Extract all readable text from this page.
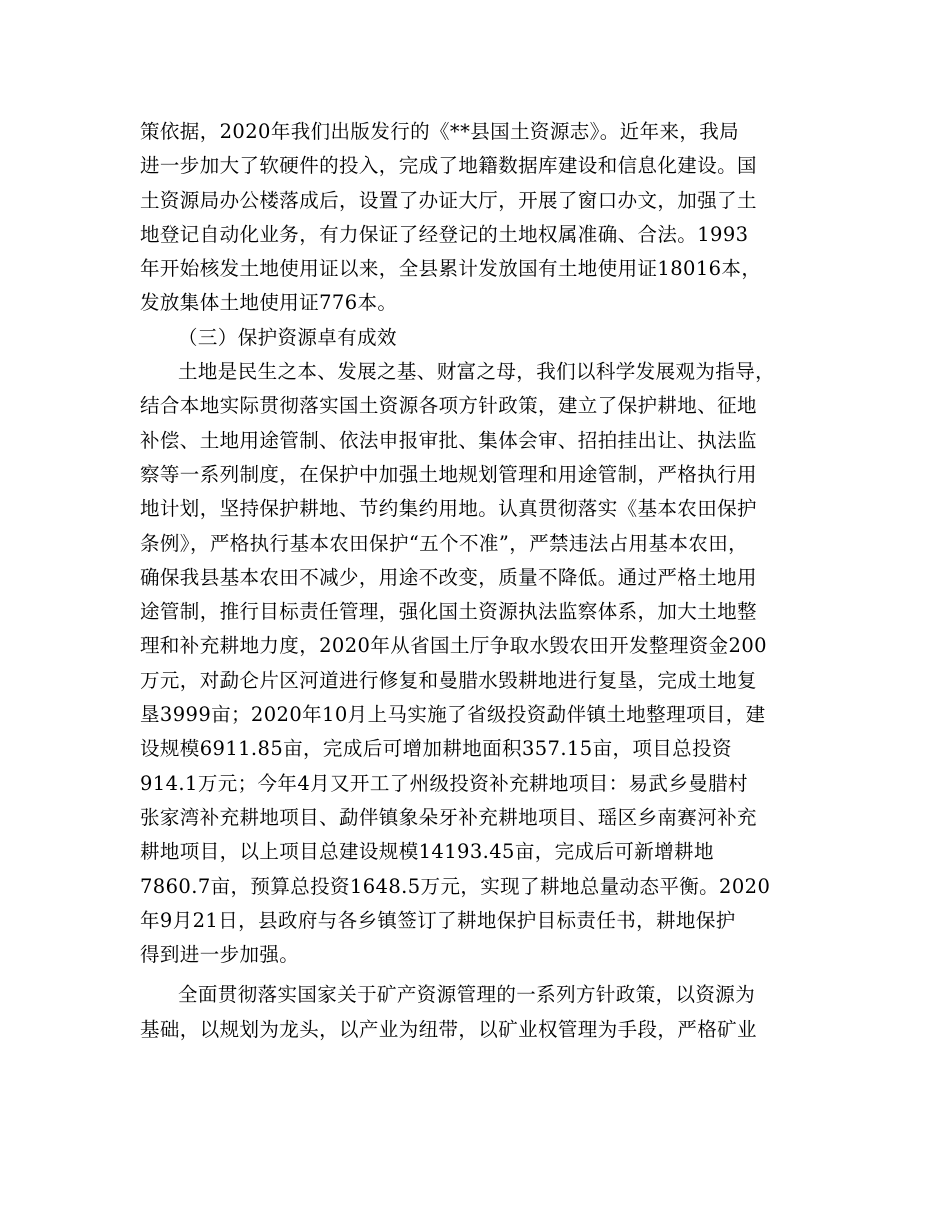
策依据，2020年我们出版发行的《**县国土资源志》。近年来，我局
进一步加大了软硬件的投入，完成了地籍数据库建设和信息化建设。国
土资源局办公楼落成后，设置了办证大厅，开展了窗口办文，加强了土
地登记自动化业务，有力保证了经登记的土地权属准确、合法。1993
年开始核发土地使用证以来，全县累计发放国有土地使用证18016本，
发放集体土地使用证776本。
（三）保护资源卓有成效
土地是民生之本、发展之基、财富之母，我们以科学发展观为指导，
结合本地实际贯彻落实国土资源各项方针政策，建立了保护耕地、征地
补偿、土地用途管制、依法申报审批、集体会审、招拍挂出让、执法监
察等一系列制度，在保护中加强土地规划管理和用途管制，严格执行用
地计划，坚持保护耕地、节约集约用地。认真贯彻落实《基本农田保护
条例》，严格执行基本农田保护“五个不准”，严禁违法占用基本农田，
确保我县基本农田不减少，用途不改变，质量不降低。通过严格土地用
途管制，推行目标责任管理，强化国土资源执法监察体系，加大土地整
理和补充耕地力度，2020年从省国土厅争取水毁农田开发整理资金200
万元，对勐仑片区河道进行修复和曼腊水毁耕地进行复垦，完成土地复
垦3999亩；2020年10月上马实施了省级投资勐伴镇土地整理项目，建
设规模6911.85亩，完成后可增加耕地面积357.15亩，项目总投资
914.1万元；今年4月又开工了州级投资补充耕地项目：易武乡曼腊村
张家湾补充耕地项目、勐伴镇象朵牙补充耕地项目、瑶区乡南赛河补充
耕地项目，以上项目总建设规模14193.45亩，完成后可新增耕地
7860.7亩，预算总投资1648.5万元，实现了耕地总量动态平衡。2020
年9月21日，县政府与各乡镇签订了耕地保护目标责任书，耕地保护
得到进一步加强。
全面贯彻落实国家关于矿产资源管理的一系列方针政策，以资源为
基础，以规划为龙头，以产业为纽带，以矿业权管理为手段，严格矿业
